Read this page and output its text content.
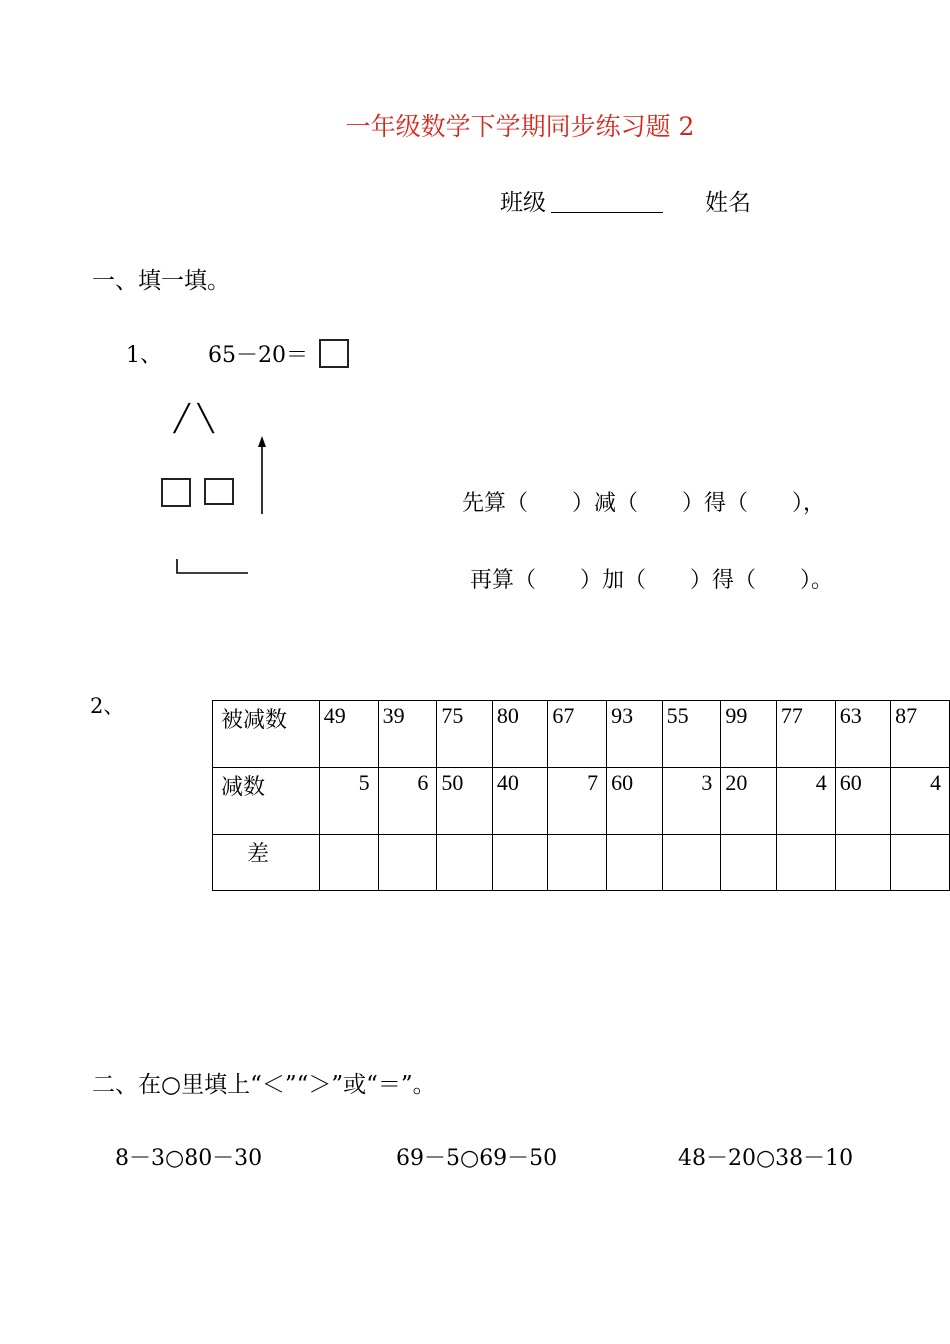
一年级数学下学期同步练习题 2
班级	姓名
一、填一填。
1、 65－20＝
╱ ╲
先算（　　）减（　　）得（　　），
再算（　　）加（　　）得（　　）。
2、
被减数	49	39	75	80	67	93	55	99	77	63	87
减数	5	6	50	40	7	60	3	20	4	60	4
差											
二、在○里填上“＜”“＞”或“＝”。
8－3○80－30	69－5○69－50	48－20○38－10
